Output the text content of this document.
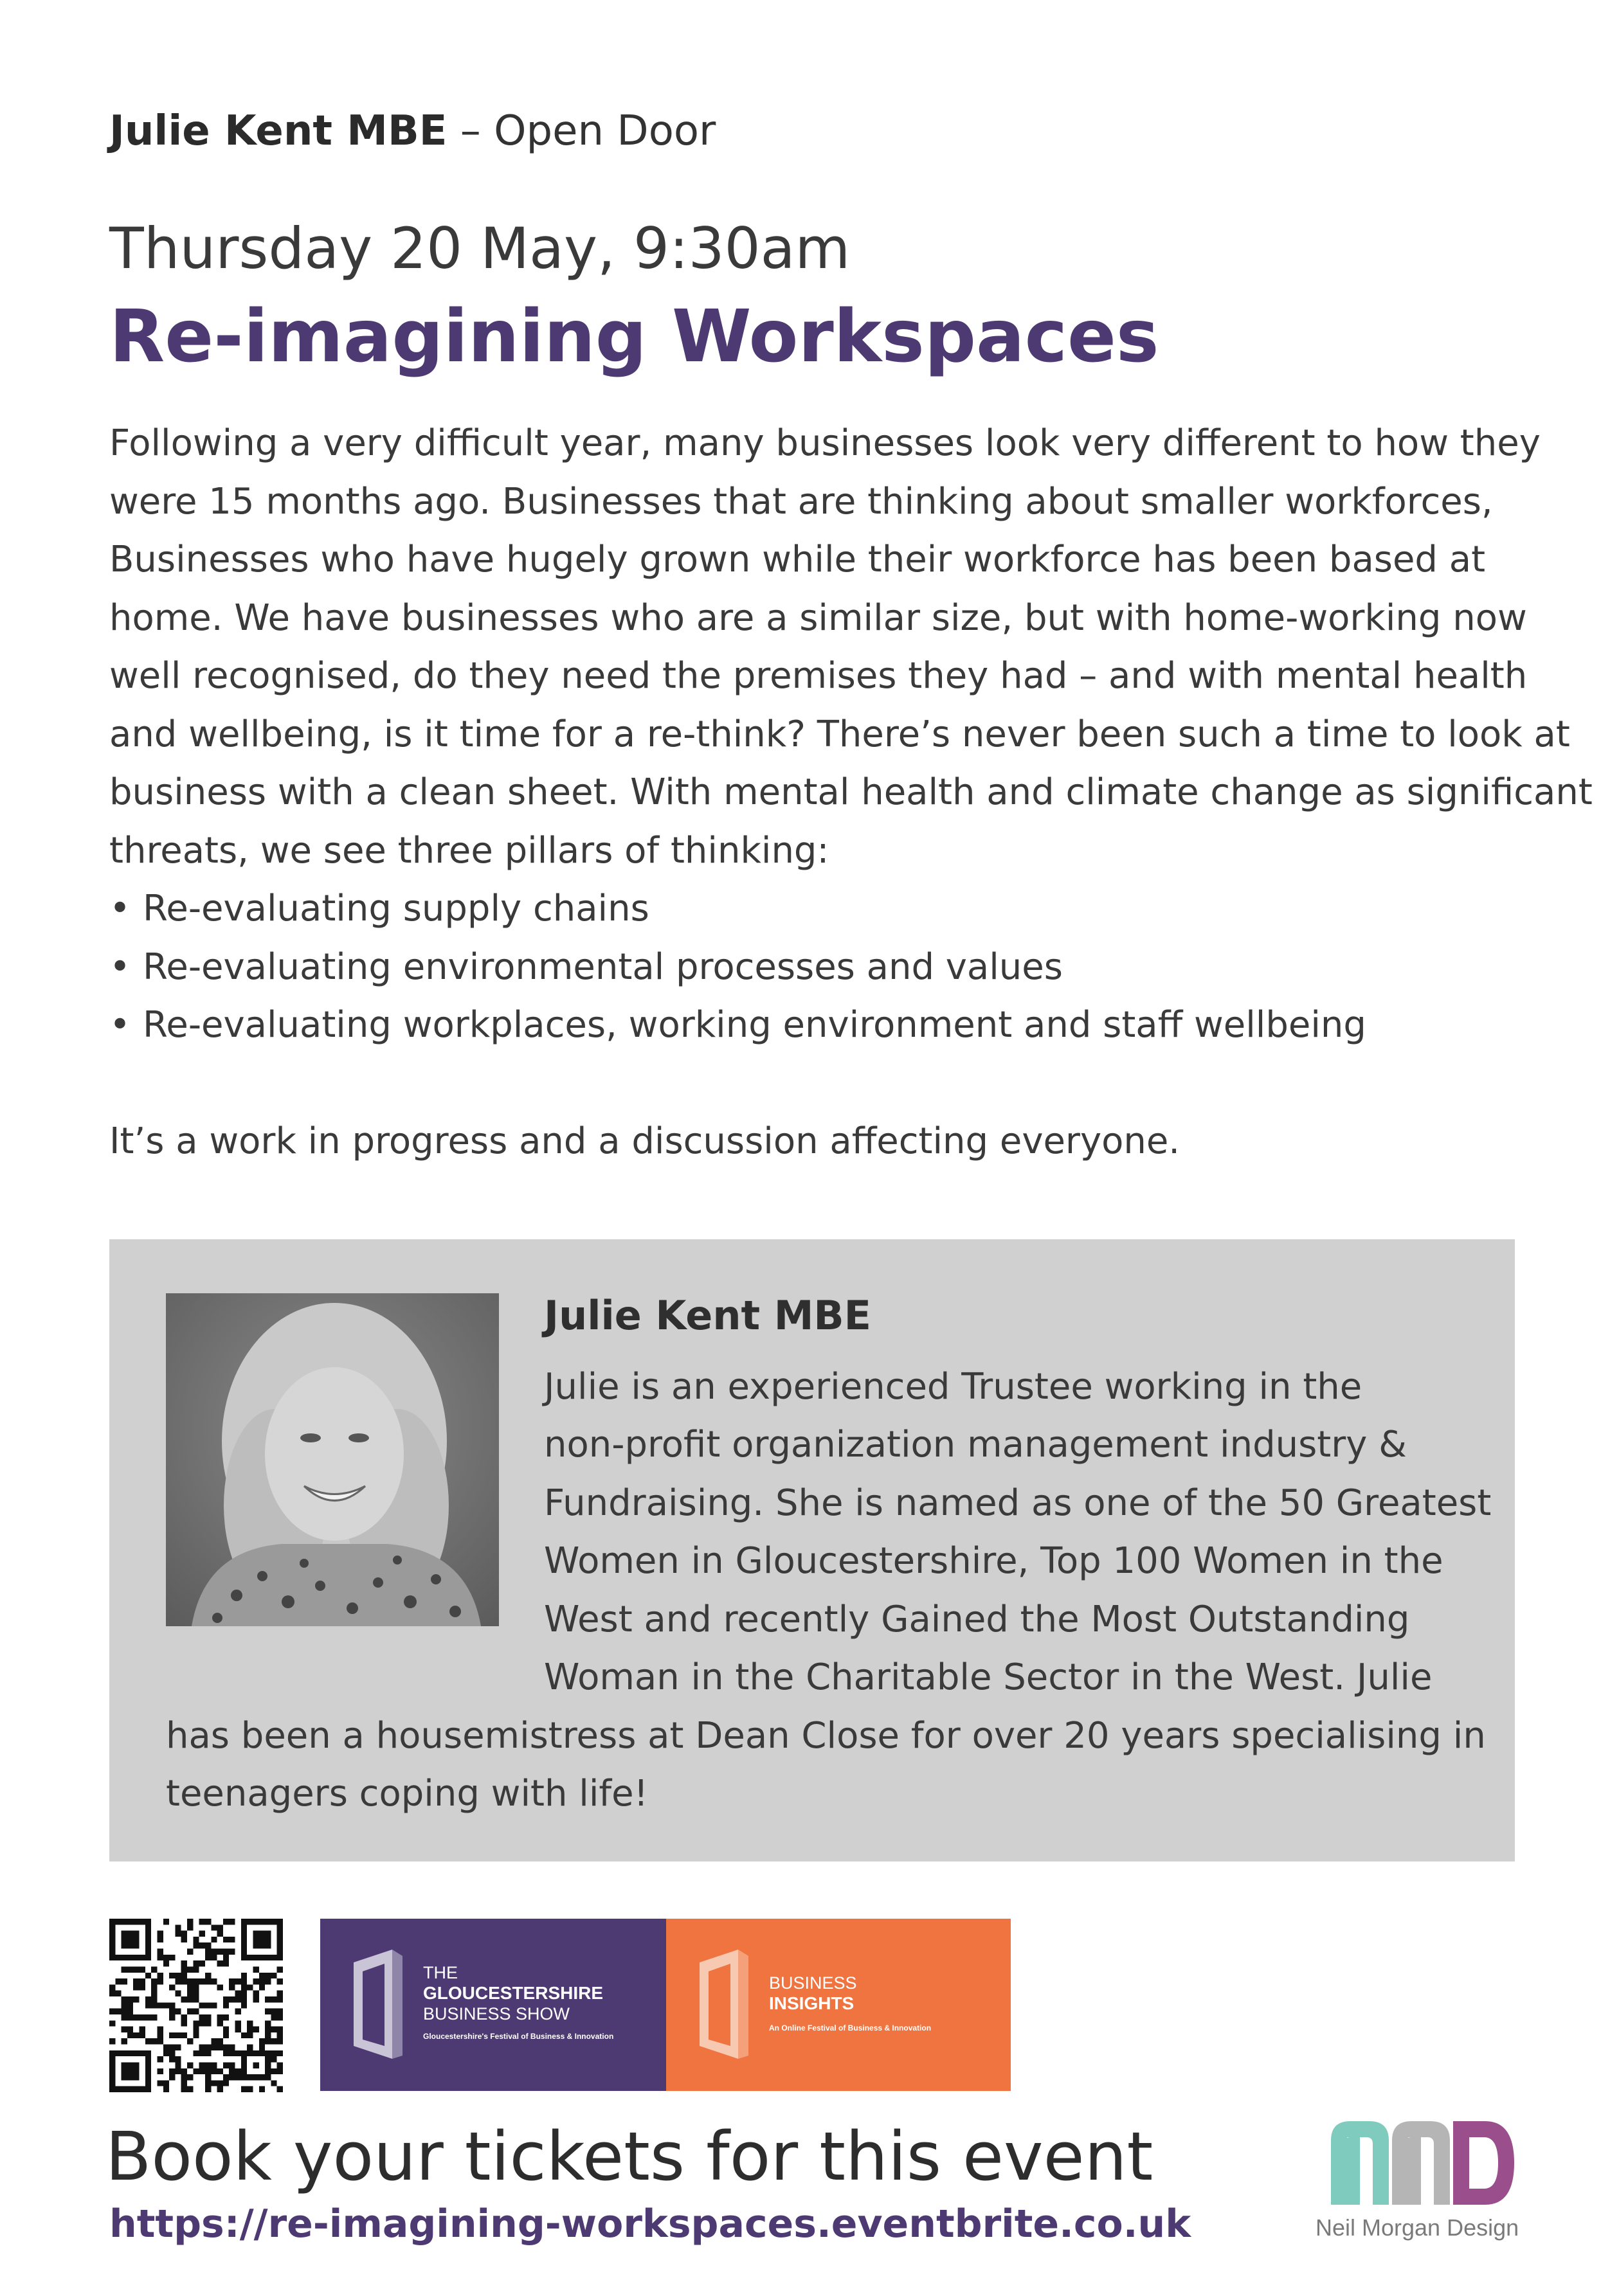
Julie Kent MBE – Open Door
Thursday 20 May, 9:30am
Re-imagining Workspaces

Following a very difficult year, many businesses look very different to how they
were 15 months ago. Businesses that are thinking about smaller workforces,
Businesses who have hugely grown while their workforce has been based at
home. We have businesses who are a similar size, but with home-working now
well recognised, do they need the premises they had – and with mental health
and wellbeing, is it time for a re-think? There’s never been such a time to look at
business with a clean sheet. With mental health and climate change as significant
threats, we see three pillars of thinking:

• Re-evaluating supply chains
• Re-evaluating environmental processes and values
• Re-evaluating workplaces, working environment and staff wellbeing

It’s a work in progress and a discussion affecting everyone.

Julie Kent MBE
Julie is an experienced Trustee working in the
non-profit organization management industry &
Fundraising. She is named as one of the 50 Greatest
Women in Gloucestershire, Top 100 Women in the
West and recently Gained the Most Outstanding
Woman in the Charitable Sector in the West. Julie
has been a housemistress at Dean Close for over 20 years specialising in
teenagers coping with life!
THE
GLOUCESTERSHIRE
BUSINESS SHOW
Gloucestershire's Festival of Business & Innovation
BUSINESS
INSIGHTS
An Online Festival of Business & Innovation
Book your tickets for this event
https://re-imagining-workspaces.eventbrite.co.uk	Neil Morgan Design
